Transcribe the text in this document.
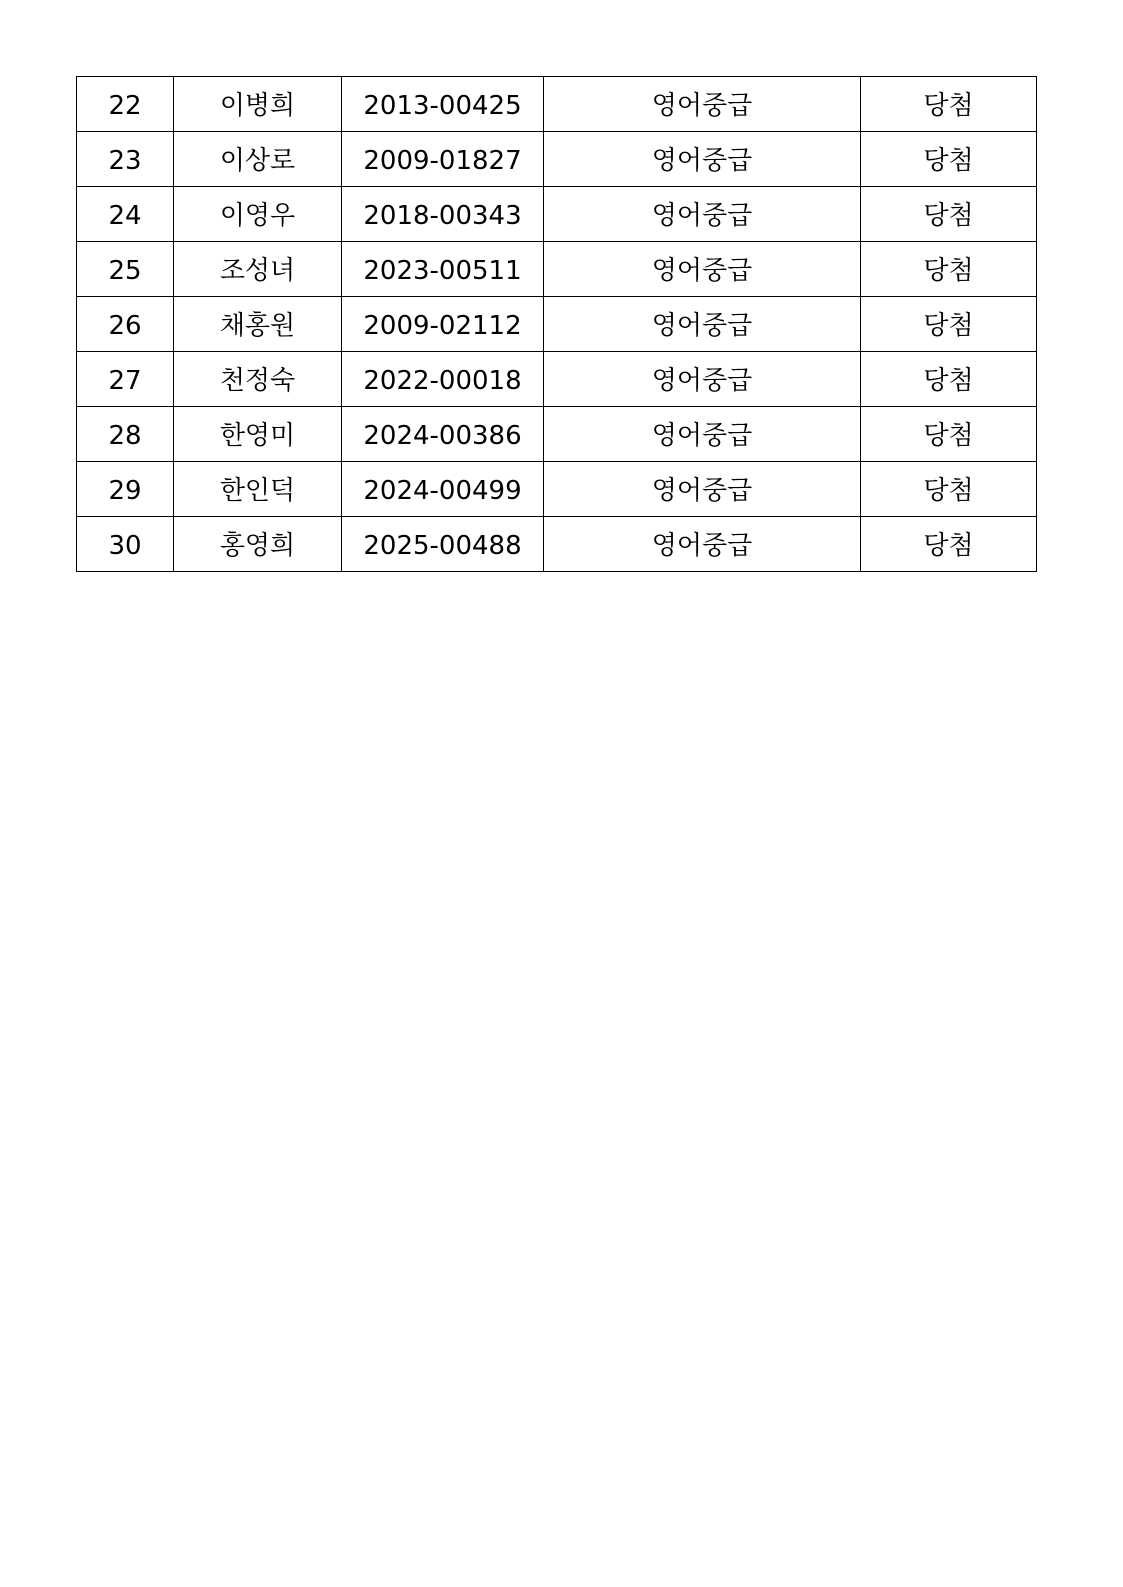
22	이병희	2013-00425	영어중급	당첨
23	이상로	2009-01827	영어중급	당첨
24	이영우	2018-00343	영어중급	당첨
25	조성녀	2023-00511	영어중급	당첨
26	채홍원	2009-02112	영어중급	당첨
27	천정숙	2022-00018	영어중급	당첨
28	한영미	2024-00386	영어중급	당첨
29	한인덕	2024-00499	영어중급	당첨
30	홍영희	2025-00488	영어중급	당첨
